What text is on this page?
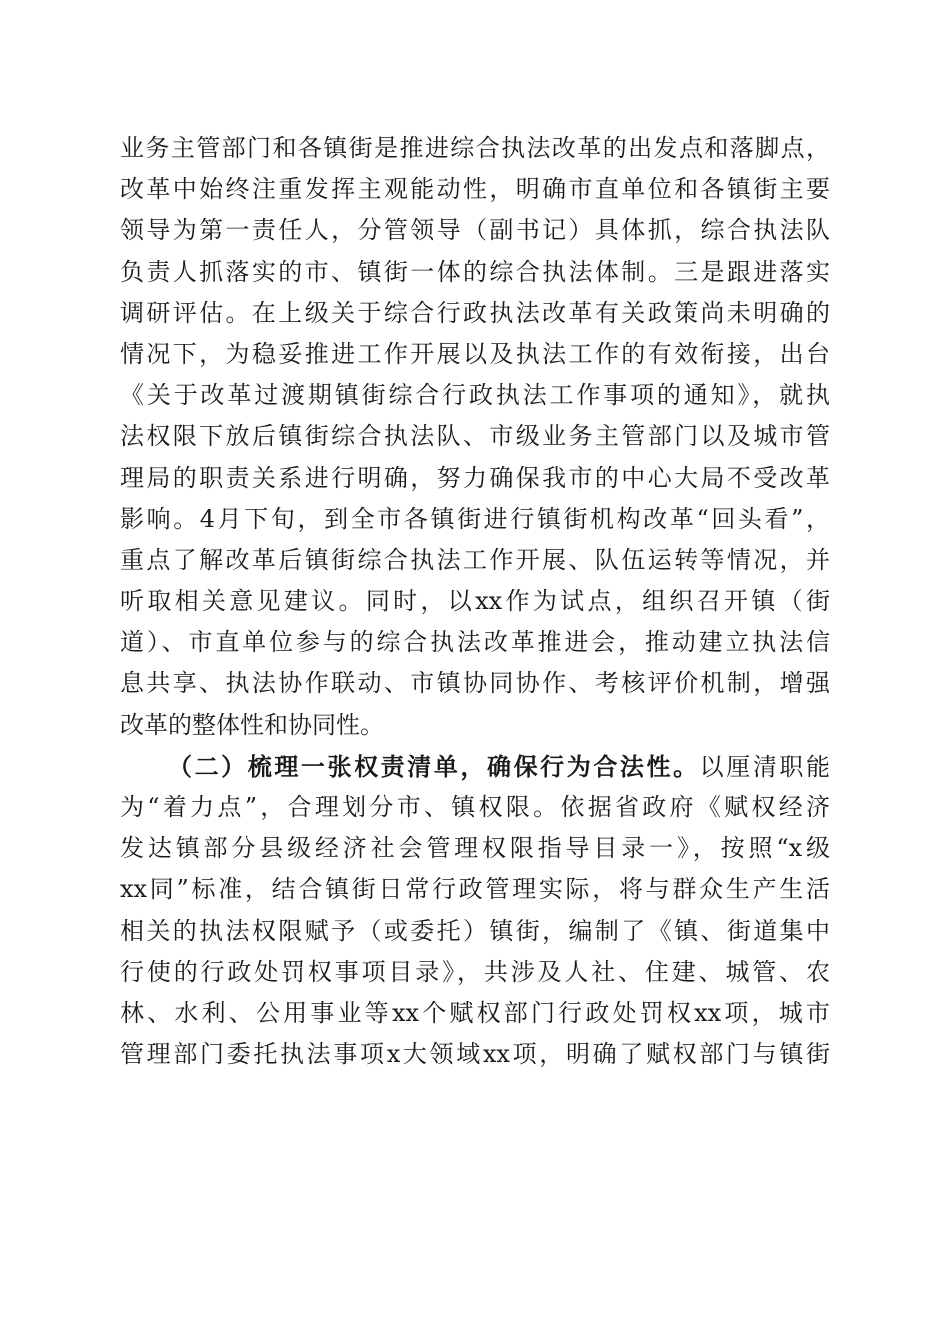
业务主管部门和各镇街是推进综合执法改革的出发点和落脚点，
改革中始终注重发挥主观能动性，明确市直单位和各镇街主要
领导为第一责任人，分管领导（副书记）具体抓，综合执法队
负责人抓落实的市、镇街一体的综合执法体制。三是跟进落实
调研评估。在上级关于综合行政执法改革有关政策尚未明确的
情况下，为稳妥推进工作开展以及执法工作的有效衔接，出台
《关于改革过渡期镇街综合行政执法工作事项的通知》，就执
法权限下放后镇街综合执法队、市级业务主管部门以及城市管
理局的职责关系进行明确，努力确保我市的中心大局不受改革
影响。4月下旬，到全市各镇街进行镇街机构改革“回头看”，
重点了解改革后镇街综合执法工作开展、队伍运转等情况，并
听取相关意见建议。同时，以xx作为试点，组织召开镇（街
道）、市直单位参与的综合执法改革推进会，推动建立执法信
息共享、执法协作联动、市镇协同协作、考核评价机制，增强
改革的整体性和协同性。
（二）梳理一张权责清单，确保行为合法性。以厘清职能
为“着力点”，合理划分市、镇权限。依据省政府《赋权经济
发达镇部分县级经济社会管理权限指导目录一》，按照“x级
xx同”标准，结合镇街日常行政管理实际，将与群众生产生活
相关的执法权限赋予（或委托）镇街，编制了《镇、街道集中
行使的行政处罚权事项目录》，共涉及人社、住建、城管、农
林、水利、公用事业等xx个赋权部门行政处罚权xx项，城市
管理部门委托执法事项x大领域xx项，明确了赋权部门与镇街
